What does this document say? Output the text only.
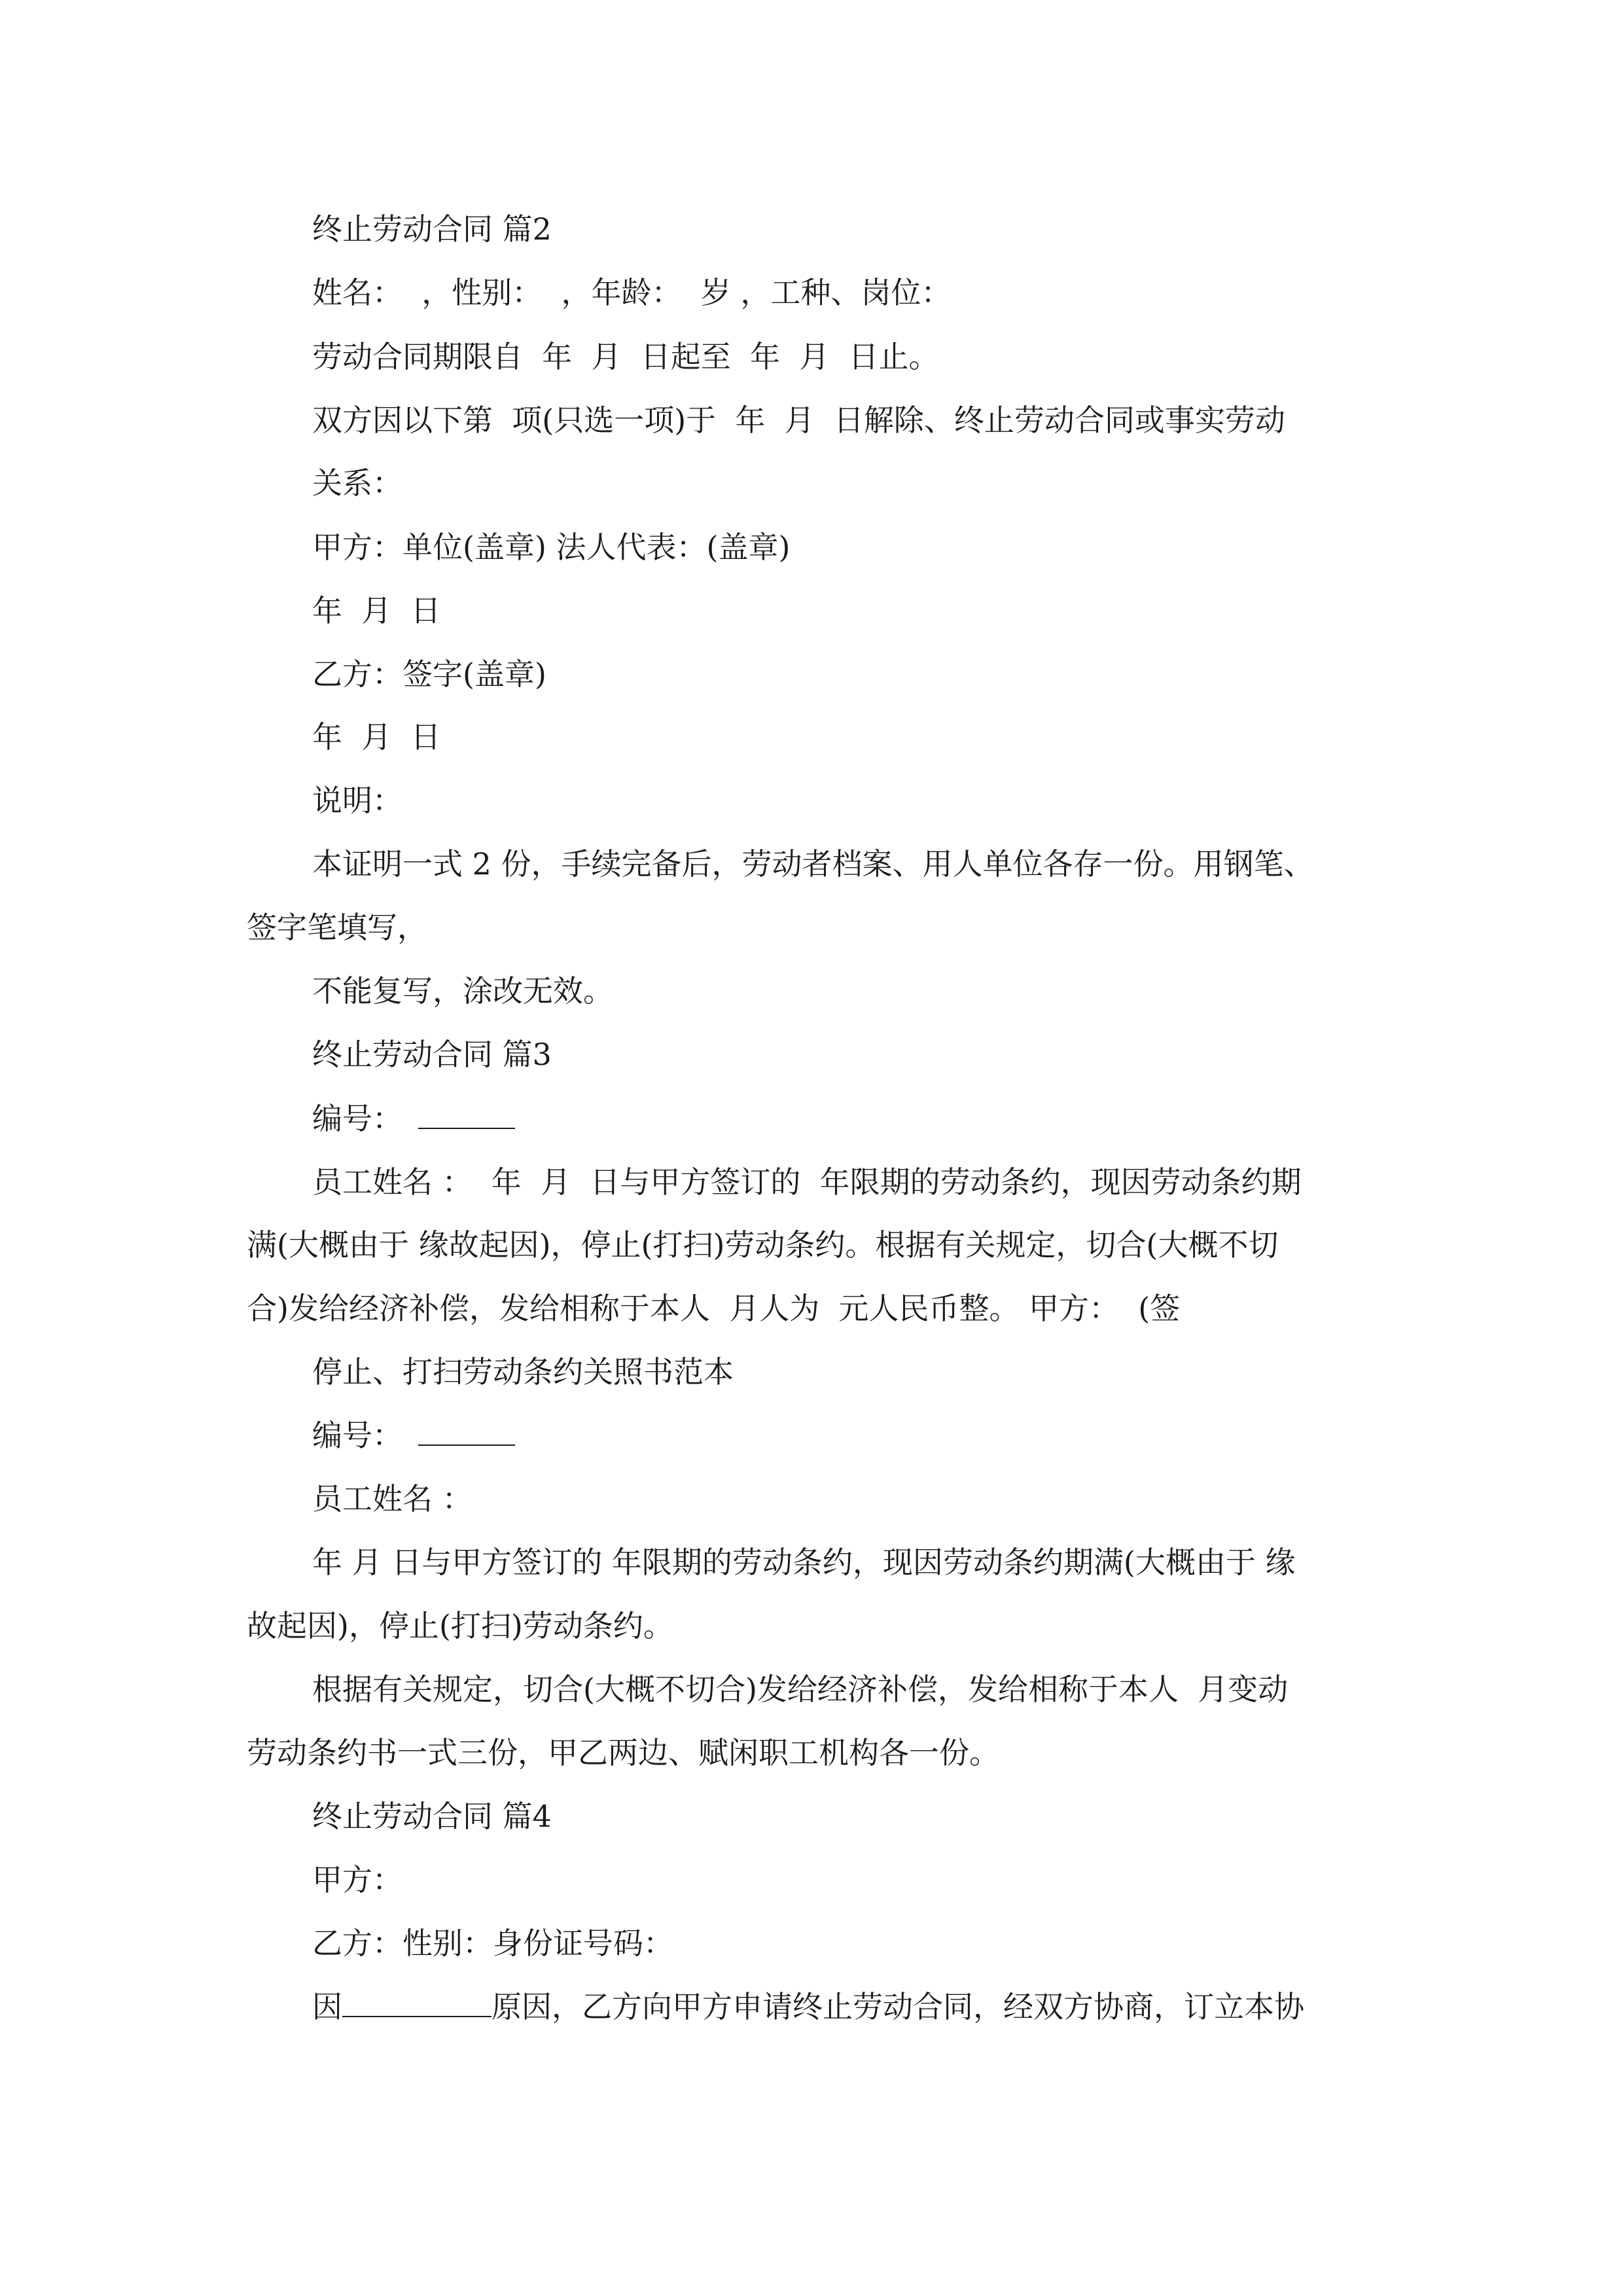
终止劳动合同 篇2
姓名：  ，性别：  ，年龄：  岁 ，工种、岗位：
劳动合同期限自  年  月  日起至  年  月  日止。
双方因以下第  项(只选一项)于  年  月  日解除、终止劳动合同或事实劳动
关系：
甲方：单位(盖章) 法人代表：(盖章)
年  月  日
乙方：签字(盖章)
年  月  日
说明：
本证明一式 2 份，手续完备后，劳动者档案、用人单位各存一份。用钢笔、
签字笔填写，
不能复写，涂改无效。
终止劳动合同 篇3
编号：
员工姓名 ：  年  月  日与甲方签订的  年限期的劳动条约，现因劳动条约期
满(大概由于 缘故起因)，停止(打扫)劳动条约。根据有关规定，切合(大概不切
合)发给经济补偿，发给相称于本人  月人为  元人民币整。 甲方：  (签
停止、打扫劳动条约关照书范本
编号：
员工姓名 ：
年 月 日与甲方签订的 年限期的劳动条约，现因劳动条约期满(大概由于 缘
故起因)，停止(打扫)劳动条约。
根据有关规定，切合(大概不切合)发给经济补偿，发给相称于本人  月变动
劳动条约书一式三份，甲乙两边、赋闲职工机构各一份。
终止劳动合同 篇4
甲方：
乙方：性别：身份证号码：
因	原因，乙方向甲方申请终止劳动合同，经双方协商，订立本协
